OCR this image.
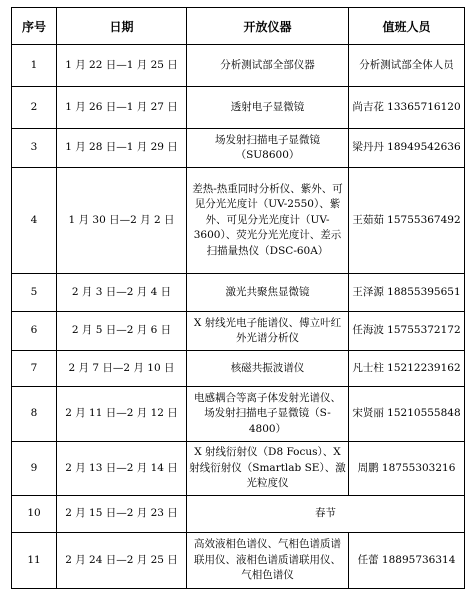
序号	日期	开放仪器	值班人员
1	1 月 22 日—1 月 25 日	分析测试部全部仪器	分析测试部全体人员
2	1 月 26 日—1 月 27 日	透射电子显微镜	尚吉花 13365716120
3	1 月 28 日—1 月 29 日	场发射扫描电子显微镜（SU8600）	梁丹丹 18949542636
4	1 月 30 日—2 月 2 日	差热-热重同时分析仪、紫外、可见分光光度计（UV-2550）、紫外、可见分光光度计（UV-3600）、荧光分光光度计、差示扫描量热仪（DSC-60A）	王茹茹 15755367492
5	2 月 3 日—2 月 4 日	激光共聚焦显微镜	王泽源 18855395651
6	2 月 5 日—2 月 6 日	X 射线光电子能谱仪、傅立叶红外光谱分析仪	任海波 15755372172
7	2 月 7 日—2 月 10 日	核磁共振波谱仪	凡士柱 15212239162
8	2 月 11 日—2 月 12 日	电感耦合等离子体发射光谱仪、场发射扫描电子显微镜（S-4800）	宋贤丽 15210555848
9	2 月 13 日—2 月 14 日	X 射线衍射仪（D8 Focus）、X 射线衍射仪（Smartlab SE）、激光粒度仪	周鹏 18755303216
10	2 月 15 日—2 月 23 日	春节	
11	2 月 24 日—2 月 25 日	高效液相色谱仪、气相色谱质谱联用仪、液相色谱质谱联用仪、气相色谱仪	任蕾 18895736314
